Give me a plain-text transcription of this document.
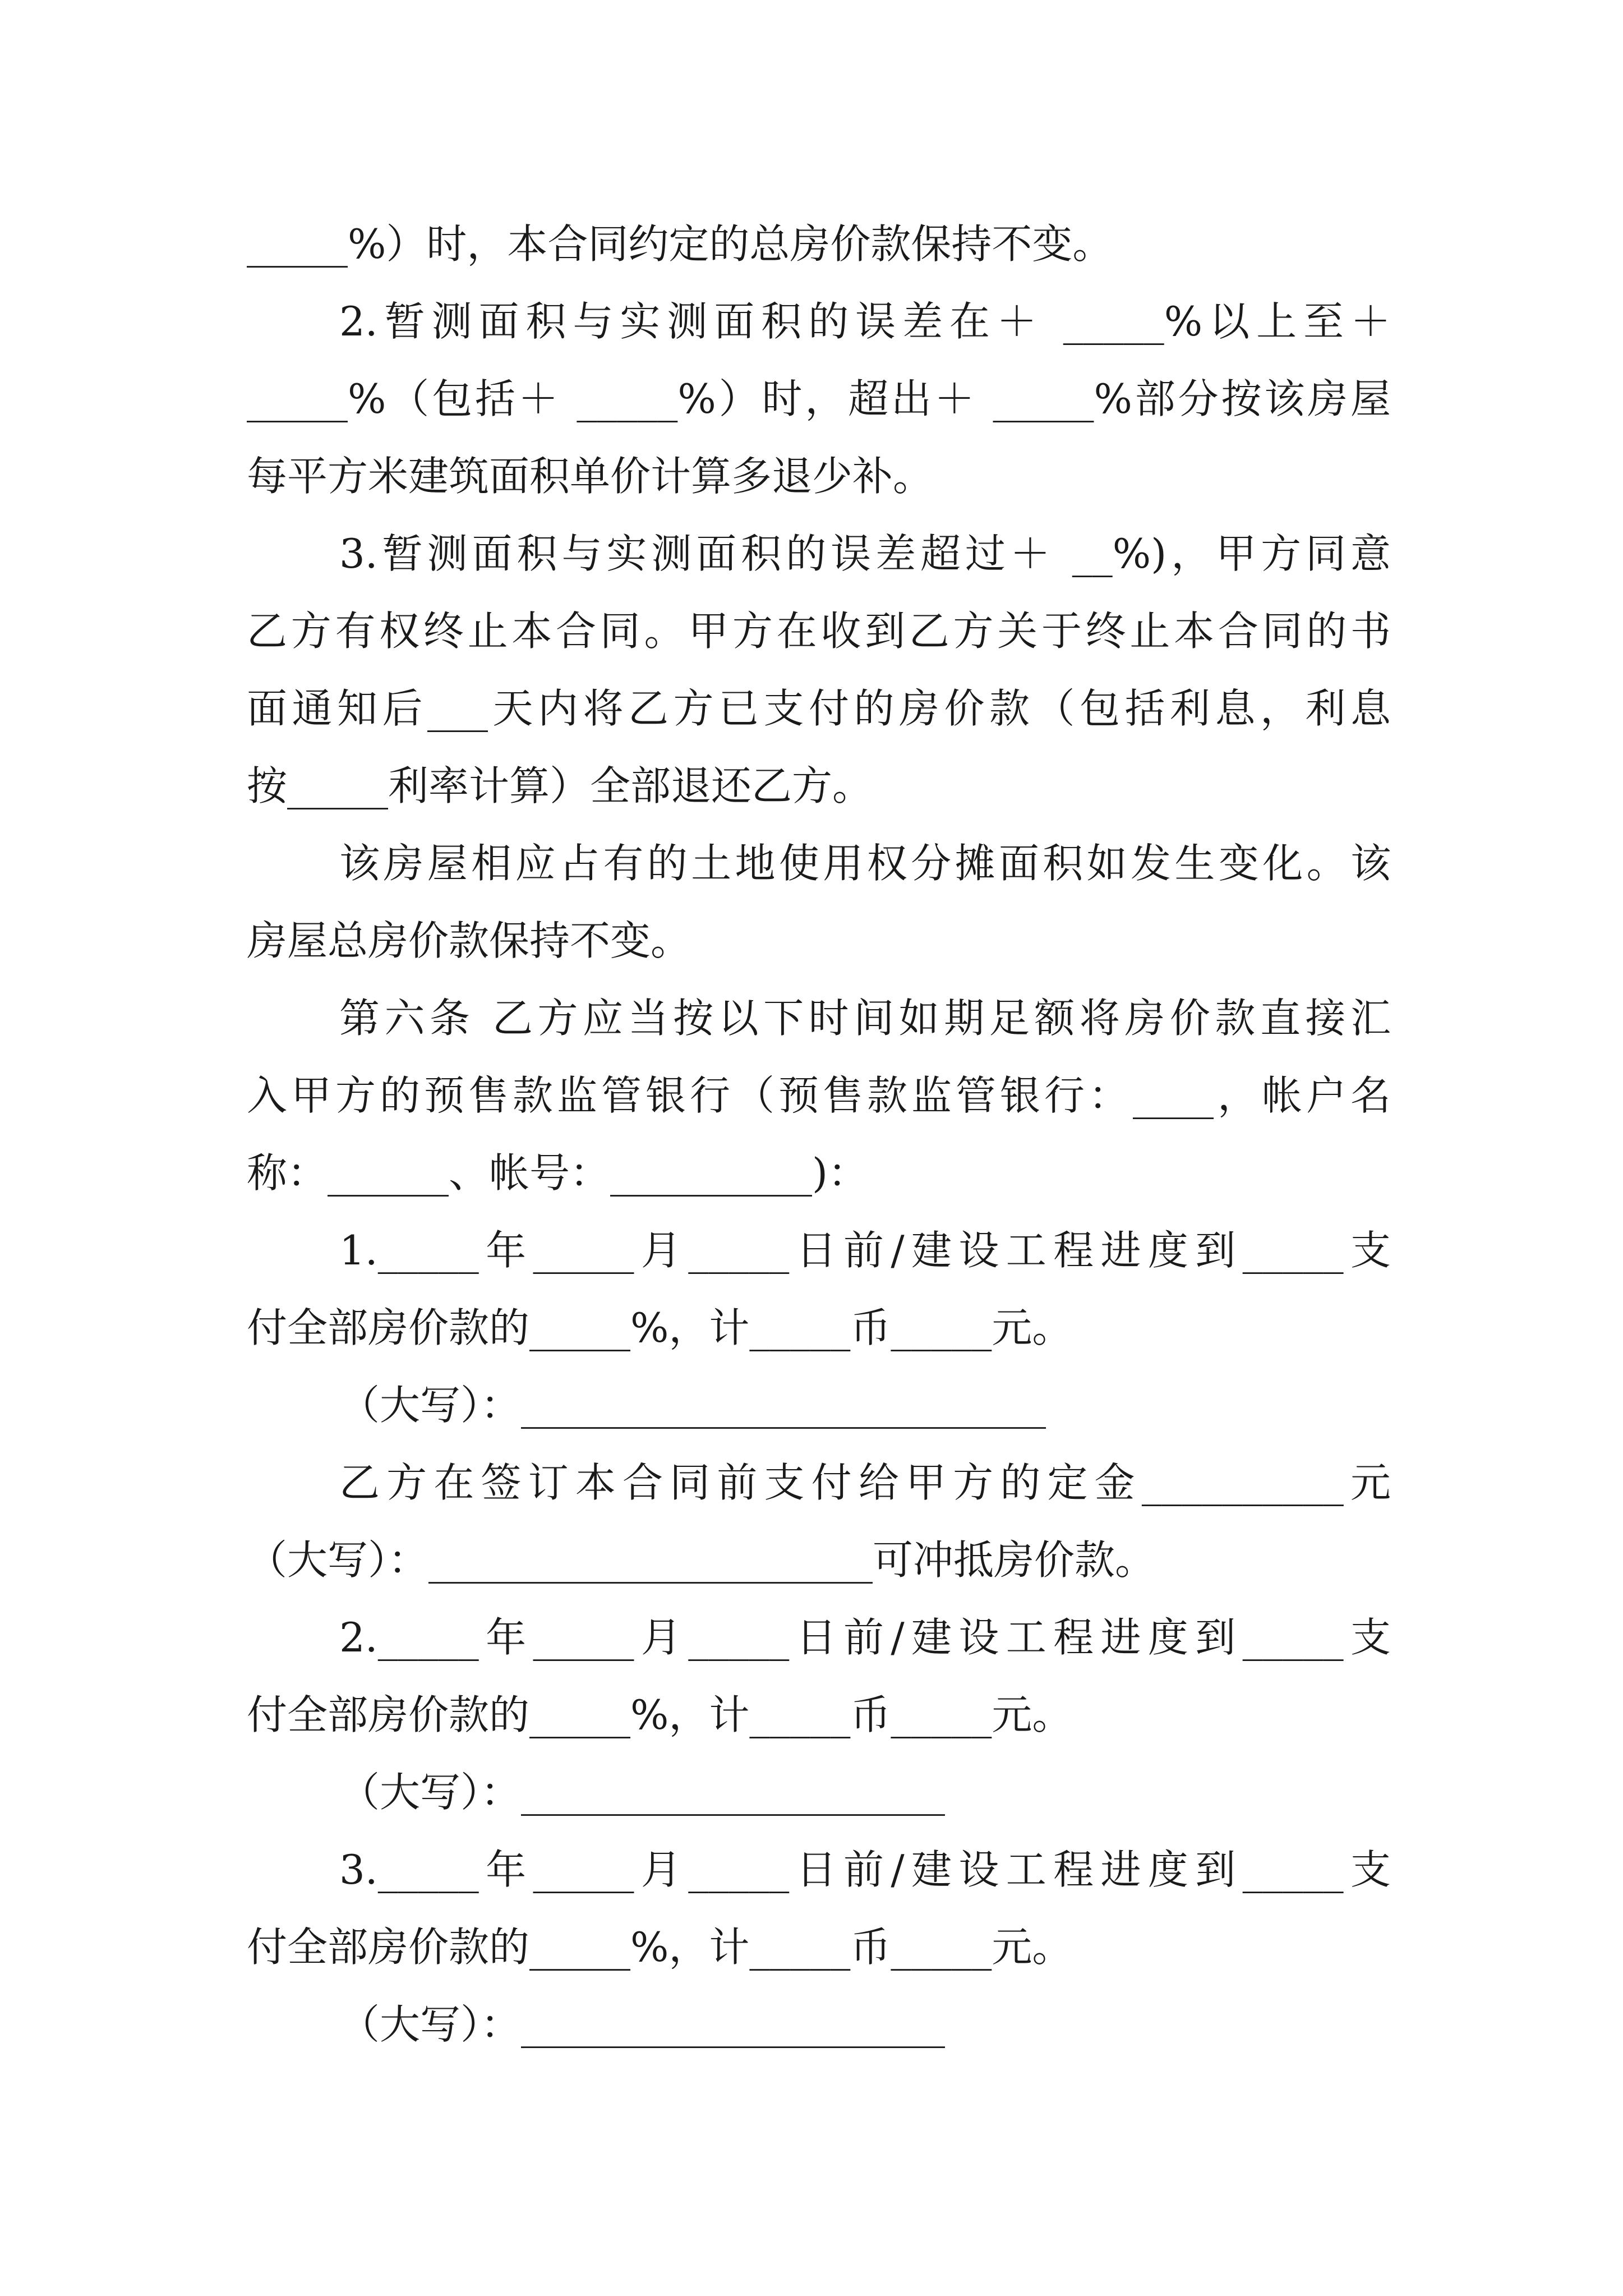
_____%）时，本合同约定的总房价款保持不变。
2.暂测面积与实测面积的误差在＋ _____%以上至＋
_____%（包括＋ _____%）时，超出＋ _____%部分按该房屋
每平方米建筑面积单价计算多退少补。
3.暂测面积与实测面积的误差超过＋ __%)，甲方同意
乙方有权终止本合同。甲方在收到乙方关于终止本合同的书
面通知后___天内将乙方已支付的房价款（包括利息，利息
按_____利率计算）全部退还乙方。
该房屋相应占有的土地使用权分摊面积如发生变化。该
房屋总房价款保持不变。
第六条 乙方应当按以下时间如期足额将房价款直接汇
入甲方的预售款监管银行（预售款监管银行：____，帐户名
称：______、帐号：__________)：
1._____年_____月_____日前/建设工程进度到_____支
付全部房价款的_____%，计_____币_____元。
（大写）：__________________________
乙方在签订本合同前支付给甲方的定金__________元
（大写）：______________________可冲抵房价款。
2._____年_____月_____日前/建设工程进度到_____支
付全部房价款的_____%，计_____币_____元。
（大写）：_____________________
3._____年_____月_____日前/建设工程进度到_____支
付全部房价款的_____%，计_____币_____元。
（大写）：_____________________
